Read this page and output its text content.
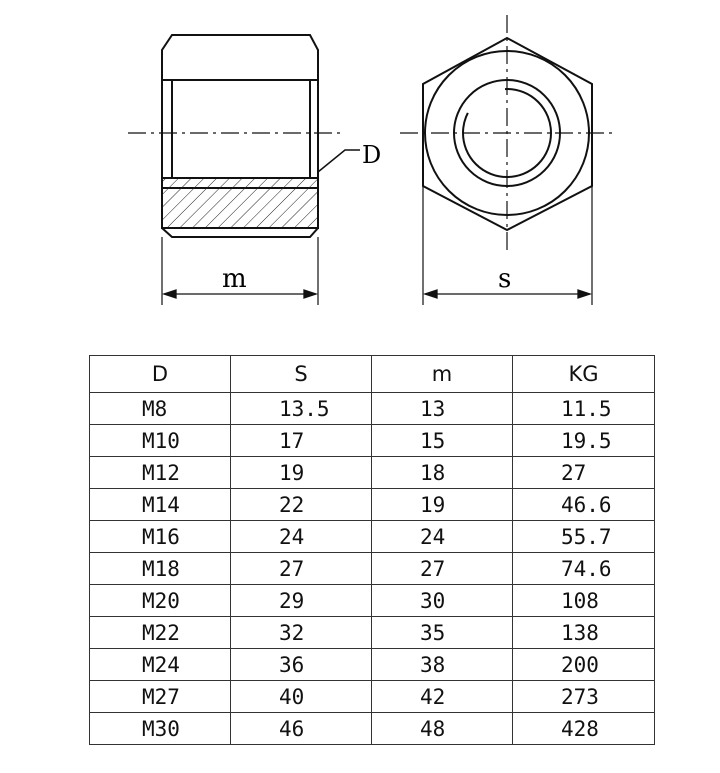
D
m	s
D	S	m	KG
M8	13.5	13	11.5
M10	17	15	19.5
M12	19	18	27
M14	22	19	46.6
M16	24	24	55.7
M18	27	27	74.6
M20	29	30	108
M22	32	35	138
M24	36	38	200
M27	40	42	273
M30	46	48	428
